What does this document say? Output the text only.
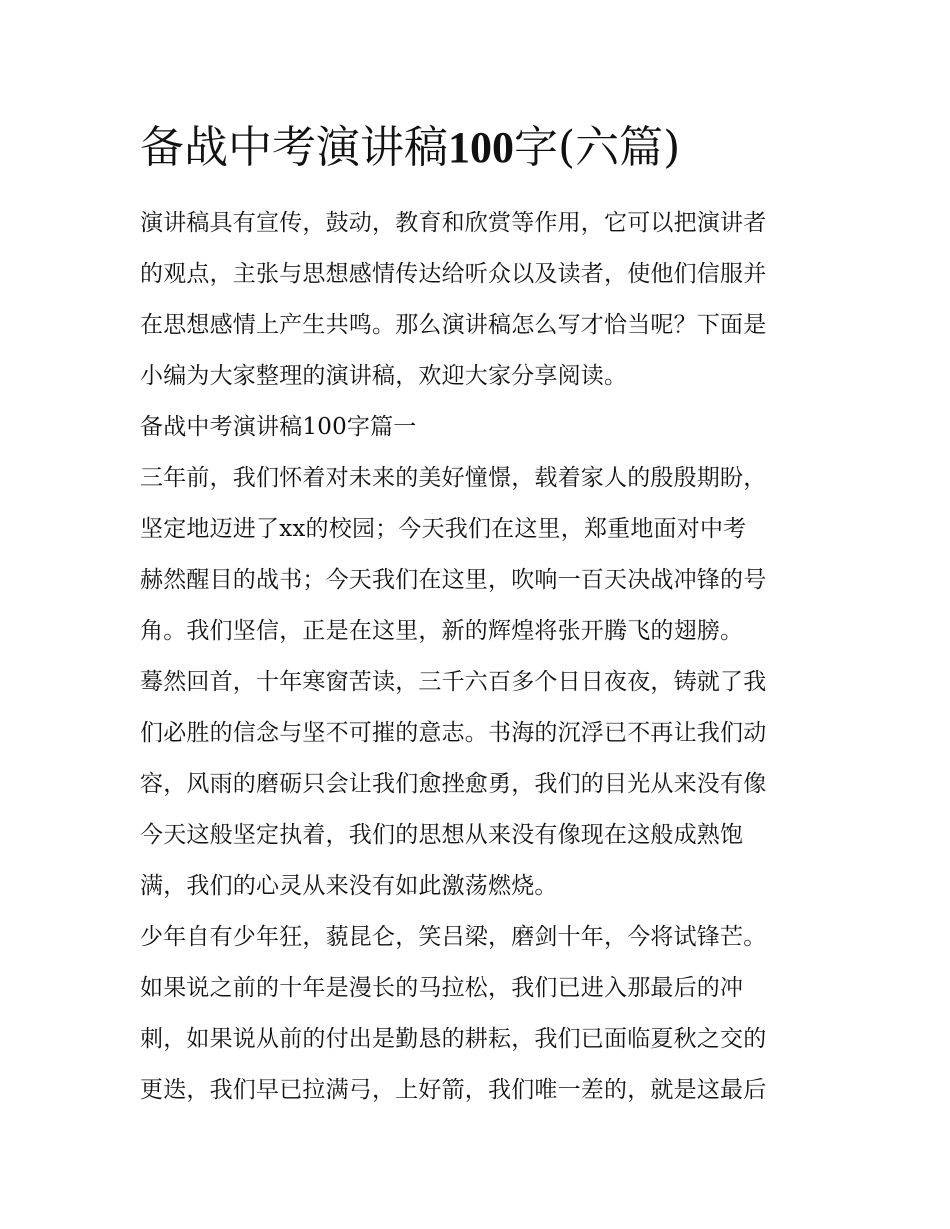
备战中考演讲稿100字(六篇)
演讲稿具有宣传，鼓动，教育和欣赏等作用，它可以把演讲者
的观点，主张与思想感情传达给听众以及读者，使他们信服并
在思想感情上产生共鸣。那么演讲稿怎么写才恰当呢？下面是
小编为大家整理的演讲稿，欢迎大家分享阅读。
备战中考演讲稿100字篇一
三年前，我们怀着对未来的美好憧憬，载着家人的殷殷期盼，
坚定地迈进了xx的校园；今天我们在这里，郑重地面对中考
赫然醒目的战书；今天我们在这里，吹响一百天决战冲锋的号
角。我们坚信，正是在这里，新的辉煌将张开腾飞的翅膀。
蓦然回首，十年寒窗苦读，三千六百多个日日夜夜，铸就了我
们必胜的信念与坚不可摧的意志。书海的沉浮已不再让我们动
容，风雨的磨砺只会让我们愈挫愈勇，我们的目光从来没有像
今天这般坚定执着，我们的思想从来没有像现在这般成熟饱
满，我们的心灵从来没有如此激荡燃烧。
少年自有少年狂，藐昆仑，笑吕梁，磨剑十年，今将试锋芒。
如果说之前的十年是漫长的马拉松，我们已进入那最后的冲
刺，如果说从前的付出是勤恳的耕耘，我们已面临夏秋之交的
更迭，我们早已拉满弓，上好箭，我们唯一差的，就是这最后
